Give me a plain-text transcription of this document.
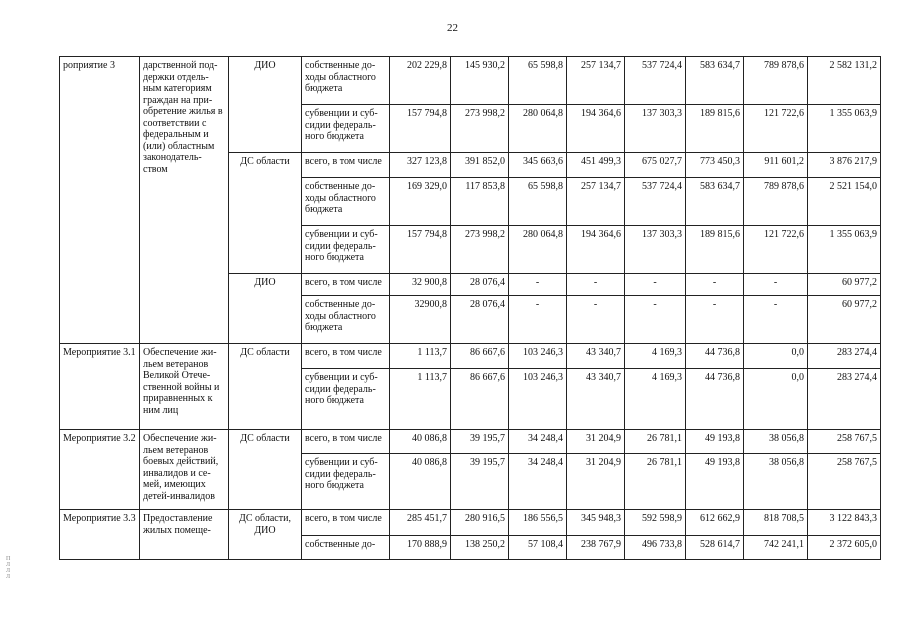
22
роприятие 3	дарственной под-держки отдель-ным категориям граждан на при-обретение жилья в соответствии с федеральным и (или) областным законодатель-ством	ДИО	собственные до-ходы областного бюджета	202 229,8	145 930,2	65 598,8	257 134,7	537 724,4	583 634,7	789 878,6	2 582 131,2
			субвенции и суб-сидии федераль-ного бюджета	157 794,8	273 998,2	280 064,8	194 364,6	137 303,3	189 815,6	121 722,6	1 355 063,9
		ДС области	всего, в том числе	327 123,8	391 852,0	345 663,6	451 499,3	675 027,7	773 450,3	911 601,2	3 876 217,9
			собственные до-ходы областного бюджета	169 329,0	117 853,8	65 598,8	257 134,7	537 724,4	583 634,7	789 878,6	2 521 154,0
			субвенции и суб-сидии федераль-ного бюджета	157 794,8	273 998,2	280 064,8	194 364,6	137 303,3	189 815,6	121 722,6	1 355 063,9
		ДИО	всего, в том числе	32 900,8	28 076,4	-	-	-	-	-	60 977,2
			собственные до-ходы областного бюджета	32900,8	28 076,4	-	-	-	-	-	60 977,2
Мероприятие 3.1	Обеспечение жи-льем ветеранов Великой Отече-ственной войны и приравненных к ним лиц	ДС области	всего, в том числе	1 113,7	86 667,6	103 246,3	43 340,7	4 169,3	44 736,8	0,0	283 274,4
			субвенции и суб-сидии федераль-ного бюджета	1 113,7	86 667,6	103 246,3	43 340,7	4 169,3	44 736,8	0,0	283 274,4
Мероприятие 3.2	Обеспечение жи-льем ветеранов боевых действий, инвалидов и се-мей, имеющих детей-инвалидов	ДС области	всего, в том числе	40 086,8	39 195,7	34 248,4	31 204,9	26 781,1	49 193,8	38 056,8	258 767,5
			субвенции и суб-сидии федераль-ного бюджета	40 086,8	39 195,7	34 248,4	31 204,9	26 781,1	49 193,8	38 056,8	258 767,5
Мероприятие 3.3	Предоставление жилых помеще-	ДС области, ДИО	всего, в том числе	285 451,7	280 916,5	186 556,5	345 948,3	592 598,9	612 662,9	818 708,5	3 122 843,3
			собственные до-	170 888,9	138 250,2	57 108,4	238 767,9	496 733,8	528 614,7	742 241,1	2 372 605,0
ПЛЛЛ
